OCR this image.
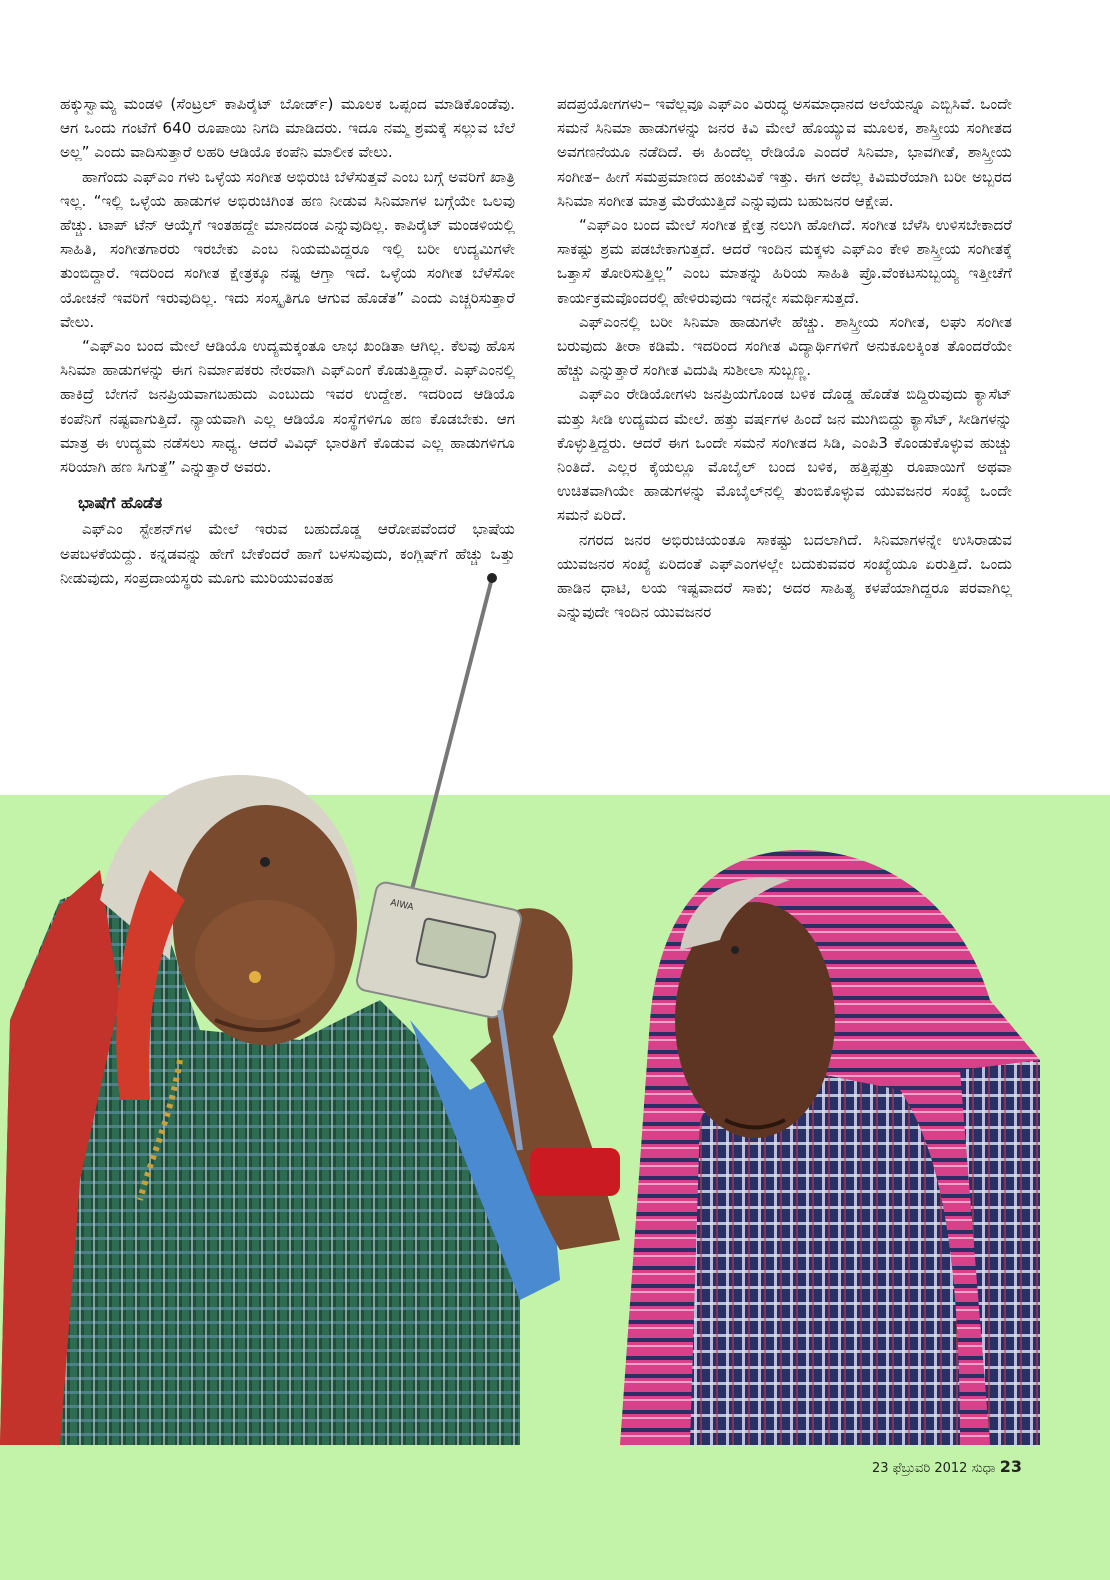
ಹಕ್ಕುಸ್ವಾಮ್ಯ ಮಂಡಳಿ (ಸೆಂಟ್ರಲ್ ಕಾಪಿರೈಟ್ ಬೋರ್ಡ್) ಮೂಲಕ ಒಪ್ಪಂದ ಮಾಡಿಕೊಂಡೆವು. ಆಗ ಒಂದು ಗಂಟೆಗೆ 640 ರೂಪಾಯಿ ನಿಗದಿ ಮಾಡಿದರು. ಇದೂ ನಮ್ಮ ಶ್ರಮಕ್ಕೆ ಸಲ್ಲುವ ಬೆಲೆ ಅಲ್ಲ” ಎಂದು ವಾದಿಸುತ್ತಾರೆ ಲಹರಿ ಆಡಿಯೊ ಕಂಪೆನಿ ಮಾಲೀಕ ವೇಲು.

ಹಾಗೆಂದು ಎಫ್‌ಎಂ ಗಳು ಒಳ್ಳೆಯ ಸಂಗೀತ ಅಭಿರುಚಿ ಬೆಳೆಸುತ್ತವೆ ಎಂಬ ಬಗ್ಗೆ ಅವರಿಗೆ ಖಾತ್ರಿ ಇಲ್ಲ. “ಇಲ್ಲಿ ಒಳ್ಳೆಯ ಹಾಡುಗಳ ಅಭಿರುಚಿಗಿಂತ ಹಣ ನೀಡುವ ಸಿನಿಮಾಗಳ ಬಗ್ಗೆಯೇ ಒಲವು ಹೆಚ್ಚು. ಟಾಪ್ ಟೆನ್ ಆಯ್ಕೆಗೆ ಇಂತಹದ್ದೇ ಮಾನದಂಡ ಎನ್ನುವುದಿಲ್ಲ. ಕಾಪಿರೈಟ್ ಮಂಡಳಿಯಲ್ಲಿ ಸಾಹಿತಿ, ಸಂಗೀತಗಾರರು ಇರಬೇಕು ಎಂಬ ನಿಯಮವಿದ್ದರೂ ಇಲ್ಲಿ ಬರೀ ಉದ್ಯಮಿಗಳೇ ತುಂಬಿದ್ದಾರೆ. ಇದರಿಂದ ಸಂಗೀತ ಕ್ಷೇತ್ರಕ್ಕೂ ನಷ್ಟ ಆಗ್ತಾ ಇದೆ. ಒಳ್ಳೆಯ ಸಂಗೀತ ಬೆಳೆಸೋ ಯೋಚನೆ ಇವರಿಗೆ ಇರುವುದಿಲ್ಲ. ಇದು ಸಂಸ್ಕೃತಿಗೂ ಆಗುವ ಹೊಡೆತ” ಎಂದು ಎಚ್ಚರಿಸುತ್ತಾರೆ ವೇಲು.

“ಎಫ್‌ಎಂ ಬಂದ ಮೇಲೆ ಆಡಿಯೊ ಉದ್ಯಮಕ್ಕಂತೂ ಲಾಭ ಖಂಡಿತಾ ಆಗಿಲ್ಲ. ಕೆಲವು ಹೊಸ ಸಿನಿಮಾ ಹಾಡುಗಳನ್ನು ಈಗ ನಿರ್ಮಾಪಕರು ನೇರವಾಗಿ ಎಫ್‌ಎಂಗೆ ಕೊಡುತ್ತಿದ್ದಾರೆ. ಎಫ್‌ಎಂನಲ್ಲಿ ಹಾಕಿದ್ರೆ ಬೇಗನೆ ಜನಪ್ರಿಯವಾಗಬಹುದು ಎಂಬುದು ಇವರ ಉದ್ದೇಶ. ಇದರಿಂದ ಆಡಿಯೊ ಕಂಪೆನಿಗೆ ನಷ್ಟವಾಗುತ್ತಿದೆ. ನ್ಯಾಯವಾಗಿ ಎಲ್ಲ ಆಡಿಯೊ ಸಂಸ್ಥೆಗಳಿಗೂ ಹಣ ಕೊಡಬೇಕು. ಆಗ ಮಾತ್ರ ಈ ಉದ್ಯಮ ನಡೆಸಲು ಸಾಧ್ಯ. ಆದರೆ ವಿವಿಧ್ ಭಾರತಿಗೆ ಕೊಡುವ ಎಲ್ಲ ಹಾಡುಗಳಿಗೂ ಸರಿಯಾಗಿ ಹಣ ಸಿಗುತ್ತೆ” ಎನ್ನುತ್ತಾರೆ ಅವರು.

ಭಾಷೆಗೆ ಹೊಡೆತ

ಎಫ್‌ಎಂ ಸ್ಟೇಶನ್‌ಗಳ ಮೇಲೆ ಇರುವ ಬಹುದೊಡ್ಡ ಆರೋಪವೆಂದರೆ ಭಾಷೆಯ ಅಪಬಳಕೆಯದ್ದು. ಕನ್ನಡವನ್ನು ಹೇಗೆ ಬೇಕೆಂದರೆ ಹಾಗೆ ಬಳಸುವುದು, ಕಂಗ್ಲಿಷ್‌ಗೆ ಹೆಚ್ಚು ಒತ್ತು ನೀಡುವುದು, ಸಂಪ್ರದಾಯಸ್ಥರು ಮೂಗು ಮುರಿಯುವಂತಹ

ಪದಪ್ರಯೋಗಗಳು– ಇವೆಲ್ಲವೂ ಎಫ್‌ಎಂ ವಿರುದ್ಧ ಅಸಮಾಧಾನದ ಅಲೆಯನ್ನೂ ಎಬ್ಬಿಸಿವೆ. ಒಂದೇ ಸಮನೆ ಸಿನಿಮಾ ಹಾಡುಗಳನ್ನು ಜನರ ಕಿವಿ ಮೇಲೆ ಹೊಯ್ಯುವ ಮೂಲಕ, ಶಾಸ್ತ್ರೀಯ ಸಂಗೀತದ ಅವಗಣನೆಯೂ ನಡೆದಿದೆ. ಈ ಹಿಂದೆಲ್ಲ ರೇಡಿಯೊ ಎಂದರೆ ಸಿನಿಮಾ, ಭಾವಗೀತೆ, ಶಾಸ್ತ್ರೀಯ ಸಂಗೀತ– ಹೀಗೆ ಸಮಪ್ರಮಾಣದ ಹಂಚುವಿಕೆ ಇತ್ತು. ಈಗ ಅದೆಲ್ಲ ಕಿವಿಮರೆಯಾಗಿ ಬರೀ ಅಬ್ಬರದ ಸಿನಿಮಾ ಸಂಗೀತ ಮಾತ್ರ ಮೆರೆಯುತ್ತಿದೆ ಎನ್ನುವುದು ಬಹುಜನರ ಆಕ್ಷೇಪ.

“ಎಫ್‌ಎಂ ಬಂದ ಮೇಲೆ ಸಂಗೀತ ಕ್ಷೇತ್ರ ನಲುಗಿ ಹೋಗಿದೆ. ಸಂಗೀತ ಬೆಳೆಸಿ ಉಳಿಸಬೇಕಾದರೆ ಸಾಕಷ್ಟು ಶ್ರಮ ಪಡಬೇಕಾಗುತ್ತದೆ. ಆದರೆ ಇಂದಿನ ಮಕ್ಕಳು ಎಫ್‌ಎಂ ಕೇಳಿ ಶಾಸ್ತ್ರೀಯ ಸಂಗೀತಕ್ಕೆ ಒತ್ತಾಸೆ ತೋರಿಸುತ್ತಿಲ್ಲ” ಎಂಬ ಮಾತನ್ನು ಹಿರಿಯ ಸಾಹಿತಿ ಪ್ರೊ.ವೆಂಕಟಸುಬ್ಬಯ್ಯ ಇತ್ತೀಚೆಗೆ ಕಾರ್ಯಕ್ರಮವೊಂದರಲ್ಲಿ ಹೇಳಿರುವುದು ಇದನ್ನೇ ಸಮರ್ಥಿಸುತ್ತದೆ.

ಎಫ್‌ಎಂನಲ್ಲಿ ಬರೀ ಸಿನಿಮಾ ಹಾಡುಗಳೇ ಹೆಚ್ಚು. ಶಾಸ್ತ್ರೀಯ ಸಂಗೀತ, ಲಘು ಸಂಗೀತ ಬರುವುದು ತೀರಾ ಕಡಿಮೆ. ಇದರಿಂದ ಸಂಗೀತ ವಿದ್ಯಾರ್ಥಿಗಳಿಗೆ ಅನುಕೂಲಕ್ಕಿಂತ ತೊಂದರೆಯೇ ಹೆಚ್ಚು ಎನ್ನುತ್ತಾರೆ ಸಂಗೀತ ವಿದುಷಿ ಸುಶೀಲಾ ಸುಬ್ಬಣ್ಣ.

ಎಫ್‌ಎಂ ರೇಡಿಯೋಗಳು ಜನಪ್ರಿಯಗೊಂಡ ಬಳಿಕ ದೊಡ್ಡ ಹೊಡೆತ ಬಿದ್ದಿರುವುದು ಕ್ಯಾಸೆಟ್ ಮತ್ತು ಸೀಡಿ ಉದ್ಯಮದ ಮೇಲೆ. ಹತ್ತು ವರ್ಷಗಳ ಹಿಂದೆ ಜನ ಮುಗಿಬಿದ್ದು ಕ್ಯಾಸೆಟ್, ಸೀಡಿಗಳನ್ನು ಕೊಳ್ಳುತ್ತಿದ್ದರು. ಆದರೆ ಈಗ ಒಂದೇ ಸಮನೆ ಸಂಗೀತದ ಸಿಡಿ, ಎಂಪಿ3 ಕೊಂಡುಕೊಳ್ಳುವ ಹುಚ್ಚು ನಿಂತಿದೆ. ಎಲ್ಲರ ಕೈಯಲ್ಲೂ ಮೊಬೈಲ್ ಬಂದ ಬಳಿಕ, ಹತ್ತಿಪ್ಪತ್ತು ರೂಪಾಯಿಗೆ ಅಥವಾ ಉಚಿತವಾಗಿಯೇ ಹಾಡುಗಳನ್ನು ಮೊಬೈಲ್‌ನಲ್ಲಿ ತುಂಬಿಕೊಳ್ಳುವ ಯುವಜನರ ಸಂಖ್ಯೆ ಒಂದೇ ಸಮನೆ ಏರಿದೆ.

ನಗರದ ಜನರ ಅಭಿರುಚಿಯಂತೂ ಸಾಕಷ್ಟು ಬದಲಾಗಿದೆ. ಸಿನಿಮಾಗಳನ್ನೇ ಉಸಿರಾಡುವ ಯುವಜನರ ಸಂಖ್ಯೆ ಏರಿದಂತೆ ಎಫ್‌ಎಂಗಳಲ್ಲೇ ಬದುಕುವವರ ಸಂಖ್ಯೆಯೂ ಏರುತ್ತಿದೆ. ಒಂದು ಹಾಡಿನ ಧಾಟಿ, ಲಯ ಇಷ್ಟವಾದರೆ ಸಾಕು; ಅದರ ಸಾಹಿತ್ಯ ಕಳಪೆಯಾಗಿದ್ದರೂ ಪರವಾಗಿಲ್ಲ ಎನ್ನುವುದೇ ಇಂದಿನ ಯುವಜನರ

AIWA
23 ಫೆಬ್ರುವರಿ 2012 ಸುಧಾ 23
